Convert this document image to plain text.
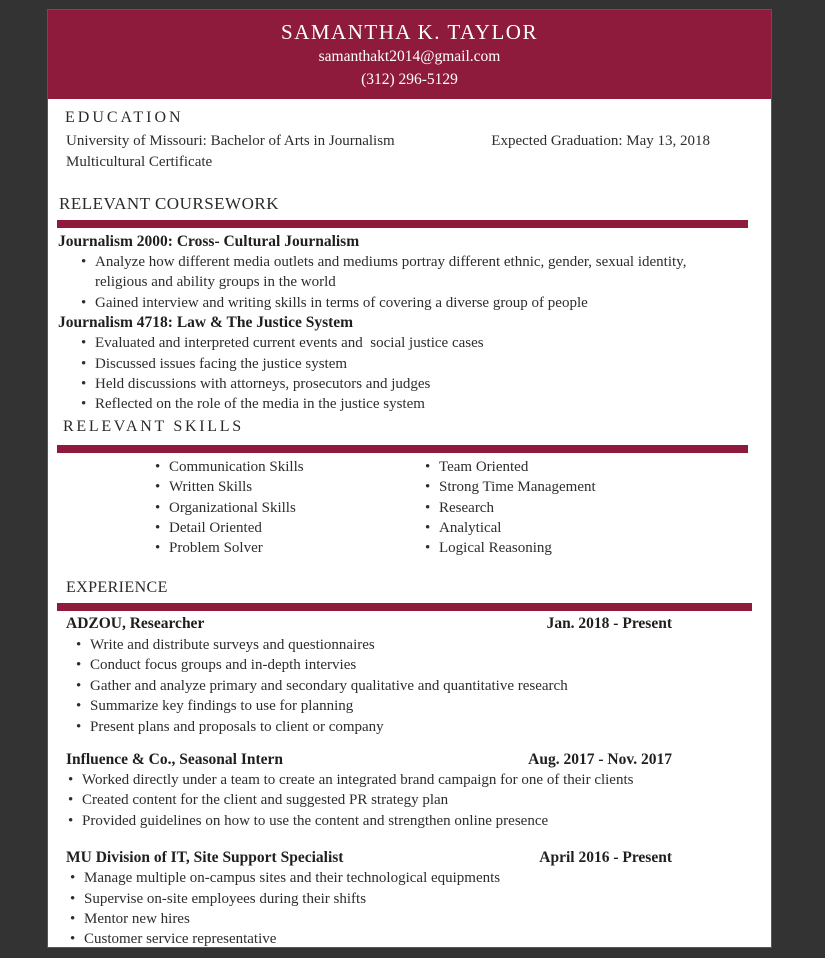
SAMANTHA K. TAYLOR
samanthakt2014@gmail.com
(312) 296-5129
EDUCATION
University of Missouri: Bachelor of Arts in Journalism	Expected Graduation: May 13, 2018
Multicultural Certificate
RELEVANT COURSEWORK
Journalism 2000: Cross- Cultural Journalism
• Analyze how different media outlets and mediums portray different ethnic, gender, sexual identity,  religious and ability groups in the world
• Gained interview and writing skills in terms of covering a diverse group of people
Journalism 4718: Law & The Justice System
• Evaluated and interpreted current events and  social justice cases
• Discussed issues facing the justice system
• Held discussions with attorneys, prosecutors and judges
• Reflected on the role of the media in the justice system
RELEVANT SKILLS
• Communication Skills
• Written Skills
• Organizational Skills
• Detail Oriented
• Problem Solver
• Team Oriented
• Strong Time Management
• Research
• Analytical
• Logical Reasoning
EXPERIENCE
ADZOU, Researcher	Jan. 2018 - Present
• Write and distribute surveys and questionnaires
• Conduct focus groups and in-depth intervies
• Gather and analyze primary and secondary qualitative and quantitative research
• Summarize key findings to use for planning
• Present plans and proposals to client or company
Influence & Co., Seasonal Intern	Aug. 2017 - Nov. 2017
• Worked directly under a team to create an integrated brand campaign for one of their clients
• Created content for the client and suggested PR strategy plan
• Provided guidelines on how to use the content and strengthen online presence
MU Division of IT, Site Support Specialist	April 2016 - Present
• Manage multiple on-campus sites and their technological equipments
• Supervise on-site employees during their shifts
• Mentor new hires
• Customer service representative
